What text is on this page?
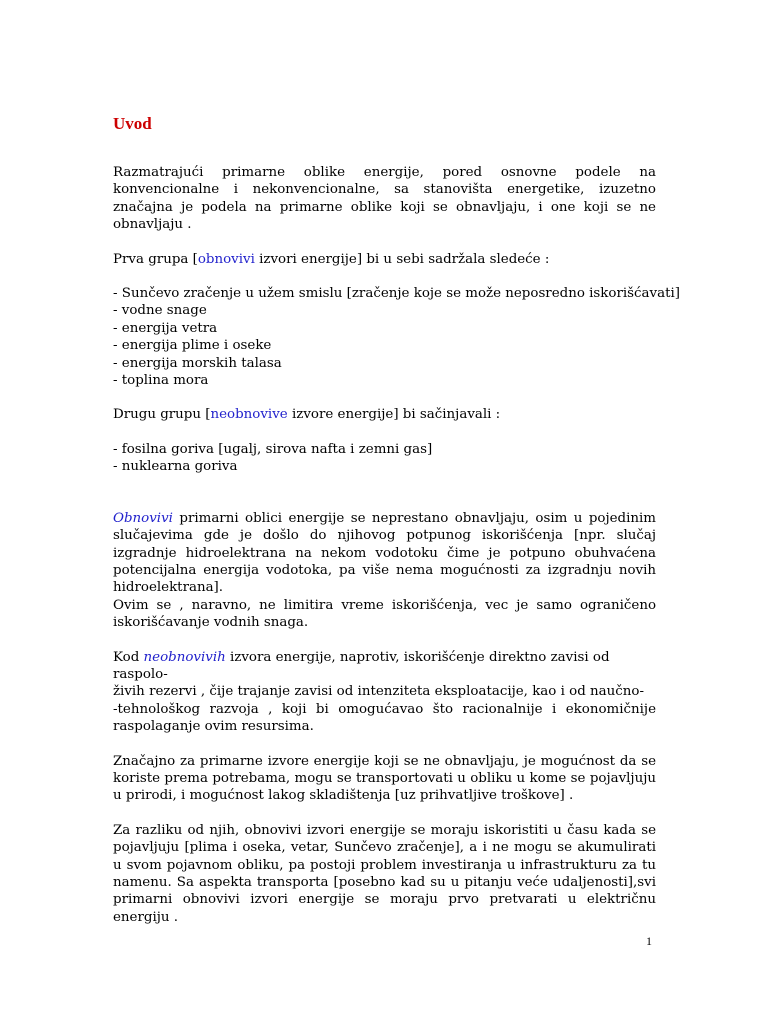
Uvod

Razmatrajući primarne oblike energije, pored osnovne podele na konvencionalne i nekonvencionalne, sa stanovišta energetike, izuzetno značajna je podela na primarne oblike koji se obnavljaju, i one koji se ne obnavljaju .

Prva grupa [obnovivi izvori energije] bi u sebi sadržala sledeće :

- Sunčevo zračenje u užem smislu [zračenje koje se može neposredno iskorišćavati]
- vodne snage
- energija vetra
- energija plime i oseke
- energija morskih talasa
- toplina mora

Drugu grupu [neobnovive izvore energije] bi sačinjavali :

- fosilna goriva [ugalj, sirova nafta i zemni gas]
- nuklearna goriva

Obnovivi primarni oblici energije se neprestano obnavljaju, osim u pojedinim slučajevima gde je došlo do njihovog potpunog iskorišćenja [npr. slučaj izgradnje hidroelektrana na nekom vodotoku čime je potpuno obuhvaćena potencijalna energija vodotoka, pa više nema mogućnosti za izgradnju novih hidroelektrana].

Ovim se , naravno, ne limitira vreme iskorišćenja, vec je samo ograničeno iskorišćavanje vodnih snaga.

Kod neobnovivih izvora energije, naprotiv, iskorišćenje direktno zavisi od raspolo-
živih rezervi , čije trajanje zavisi od intenziteta eksploatacije, kao i od naučno-

-tehnološkog razvoja , koji bi omogućavao što racionalnije i ekonomičnije raspolaganje ovim resursima.

Značajno za primarne izvore energije koji se ne obnavljaju, je mogućnost da se koriste prema potrebama, mogu se transportovati u obliku u kome se pojavljuju u prirodi, i mogućnost lakog skladištenja [uz prihvatljive troškove] .

Za razliku od njih, obnovivi izvori energije se moraju iskoristiti u času kada se pojavljuju [plima i oseka, vetar, Sunčevo zračenje], a i ne mogu se akumulirati u svom pojavnom obliku, pa postoji problem investiranja u infrastrukturu za tu namenu. Sa aspekta transporta [posebno kad su u pitanju veće udaljenosti],svi primarni obnovivi izvori energije se moraju prvo pretvarati u električnu energiju .

1
